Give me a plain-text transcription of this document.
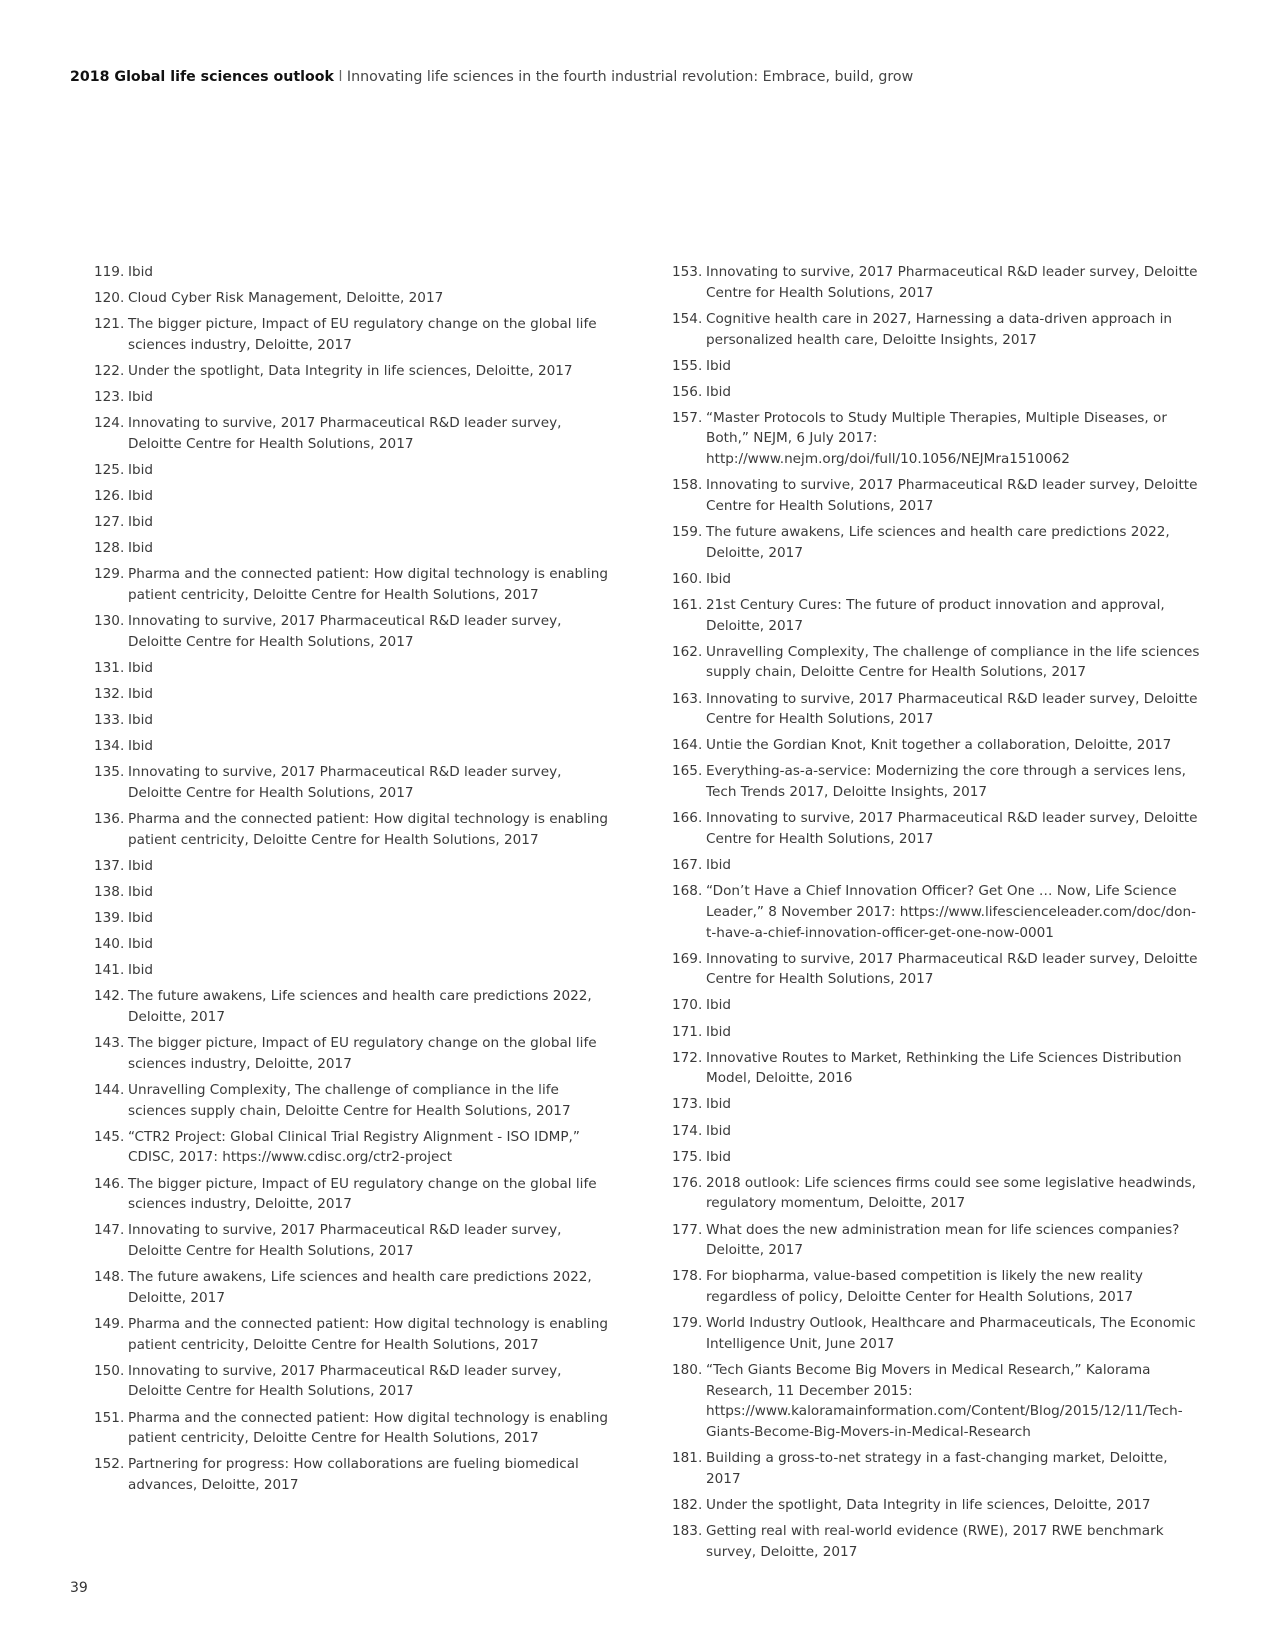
2018 Global life sciences outlook l Innovating life sciences in the fourth industrial revolution: Embrace, build, grow
119. Ibid
120. Cloud Cyber Risk Management, Deloitte, 2017
121. The bigger picture, Impact of EU regulatory change on the global life sciences industry, Deloitte, 2017
122. Under the spotlight, Data Integrity in life sciences, Deloitte, 2017
123. Ibid
124. Innovating to survive, 2017 Pharmaceutical R&D leader survey, Deloitte Centre for Health Solutions, 2017
125. Ibid
126. Ibid
127. Ibid
128. Ibid
129. Pharma and the connected patient: How digital technology is enabling patient centricity, Deloitte Centre for Health Solutions, 2017
130. Innovating to survive, 2017 Pharmaceutical R&D leader survey, Deloitte Centre for Health Solutions, 2017
131. Ibid
132. Ibid
133. Ibid
134. Ibid
135. Innovating to survive, 2017 Pharmaceutical R&D leader survey, Deloitte Centre for Health Solutions, 2017
136. Pharma and the connected patient: How digital technology is enabling patient centricity, Deloitte Centre for Health Solutions, 2017
137. Ibid
138. Ibid
139. Ibid
140. Ibid
141. Ibid
142. The future awakens, Life sciences and health care predictions 2022, Deloitte, 2017
143. The bigger picture, Impact of EU regulatory change on the global life sciences industry, Deloitte, 2017
144. Unravelling Complexity, The challenge of compliance in the life sciences supply chain, Deloitte Centre for Health Solutions, 2017
145. “CTR2 Project: Global Clinical Trial Registry Alignment - ISO IDMP,” CDISC, 2017: https://www.cdisc.org/ctr2-project
146. The bigger picture, Impact of EU regulatory change on the global life sciences industry, Deloitte, 2017
147. Innovating to survive, 2017 Pharmaceutical R&D leader survey, Deloitte Centre for Health Solutions, 2017
148. The future awakens, Life sciences and health care predictions 2022, Deloitte, 2017
149. Pharma and the connected patient: How digital technology is enabling patient centricity, Deloitte Centre for Health Solutions, 2017
150. Innovating to survive, 2017 Pharmaceutical R&D leader survey, Deloitte Centre for Health Solutions, 2017
151. Pharma and the connected patient: How digital technology is enabling patient centricity, Deloitte Centre for Health Solutions, 2017
152. Partnering for progress: How collaborations are fueling biomedical advances, Deloitte, 2017
153. Innovating to survive, 2017 Pharmaceutical R&D leader survey, Deloitte Centre for Health Solutions, 2017
154. Cognitive health care in 2027, Harnessing a data-driven approach in personalized health care, Deloitte Insights, 2017
155. Ibid
156. Ibid
157. “Master Protocols to Study Multiple Therapies, Multiple Diseases, or Both,” NEJM, 6 July 2017: http://www.nejm.org/doi/full/10.1056/NEJMra1510062
158. Innovating to survive, 2017 Pharmaceutical R&D leader survey, Deloitte Centre for Health Solutions, 2017
159. The future awakens, Life sciences and health care predictions 2022, Deloitte, 2017
160. Ibid
161. 21st Century Cures: The future of product innovation and approval, Deloitte, 2017
162. Unravelling Complexity, The challenge of compliance in the life sciences supply chain, Deloitte Centre for Health Solutions, 2017
163. Innovating to survive, 2017 Pharmaceutical R&D leader survey, Deloitte Centre for Health Solutions, 2017
164. Untie the Gordian Knot, Knit together a collaboration, Deloitte, 2017
165. Everything-as-a-service: Modernizing the core through a services lens, Tech Trends 2017, Deloitte Insights, 2017
166. Innovating to survive, 2017 Pharmaceutical R&D leader survey, Deloitte Centre for Health Solutions, 2017
167. Ibid
168. “Don’t Have a Chief Innovation Officer? Get One … Now, Life Science Leader,” 8 November 2017: https://www.lifescienceleader.com/doc/don-t-have-a-chief-innovation-officer-get-one-now-0001
169. Innovating to survive, 2017 Pharmaceutical R&D leader survey, Deloitte Centre for Health Solutions, 2017
170. Ibid
171. Ibid
172. Innovative Routes to Market, Rethinking the Life Sciences Distribution Model, Deloitte, 2016
173. Ibid
174. Ibid
175. Ibid
176. 2018 outlook: Life sciences firms could see some legislative headwinds, regulatory momentum, Deloitte, 2017
177. What does the new administration mean for life sciences companies? Deloitte, 2017
178. For biopharma, value-based competition is likely the new reality regardless of policy, Deloitte Center for Health Solutions, 2017
179. World Industry Outlook, Healthcare and Pharmaceuticals, The Economic Intelligence Unit, June 2017
180. “Tech Giants Become Big Movers in Medical Research,” Kalorama Research, 11 December 2015: https://www.kaloramainformation.com/Content/Blog/2015/12/11/Tech-Giants-Become-Big-Movers-in-Medical-Research
181. Building a gross-to-net strategy in a fast-changing market, Deloitte, 2017
182. Under the spotlight, Data Integrity in life sciences, Deloitte, 2017
183. Getting real with real-world evidence (RWE), 2017 RWE benchmark survey, Deloitte, 2017
39
